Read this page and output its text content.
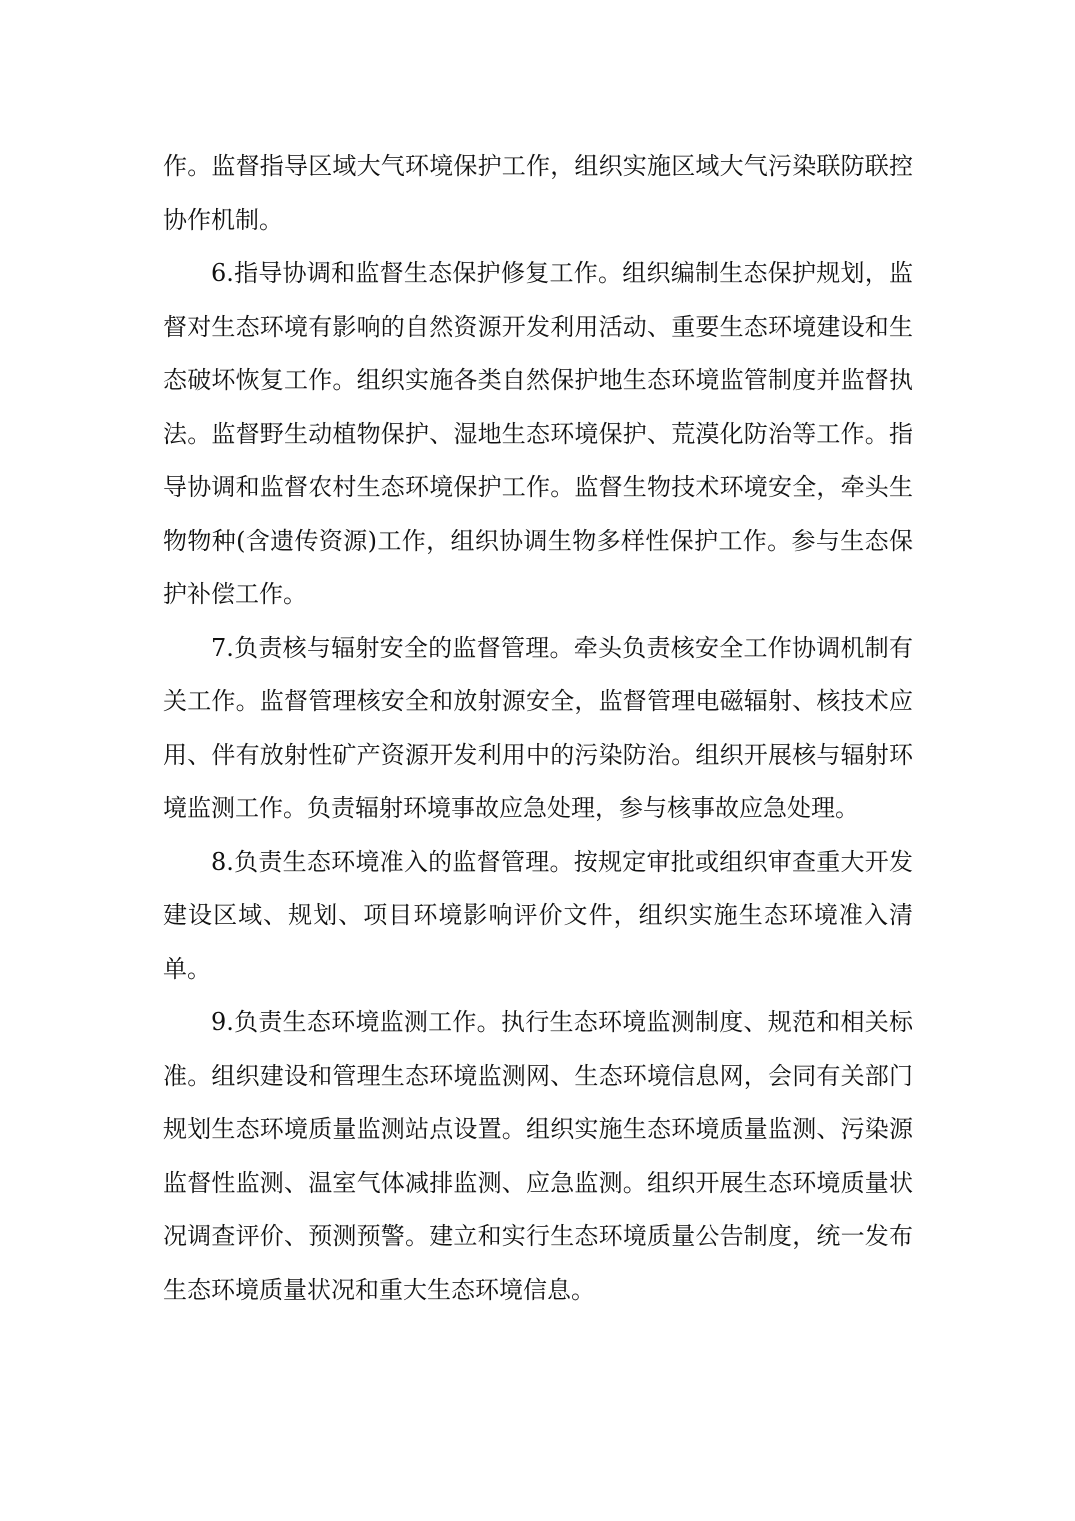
作。监督指导区域大气环境保护工作，组织实施区域大气污染联防联控协作机制。

6.指导协调和监督生态保护修复工作。组织编制生态保护规划，监督对生态环境有影响的自然资源开发利用活动、重要生态环境建设和生态破坏恢复工作。组织实施各类自然保护地生态环境监管制度并监督执法。监督野生动植物保护、湿地生态环境保护、荒漠化防治等工作。指导协调和监督农村生态环境保护工作。监督生物技术环境安全，牵头生物物种(含遗传资源)工作，组织协调生物多样性保护工作。参与生态保护补偿工作。

7.负责核与辐射安全的监督管理。牵头负责核安全工作协调机制有关工作。监督管理核安全和放射源安全，监督管理电磁辐射、核技术应用、伴有放射性矿产资源开发利用中的污染防治。组织开展核与辐射环境监测工作。负责辐射环境事故应急处理，参与核事故应急处理。

8.负责生态环境准入的监督管理。按规定审批或组织审查重大开发建设区域、规划、项目环境影响评价文件，组织实施生态环境准入清单。

9.负责生态环境监测工作。执行生态环境监测制度、规范和相关标准。组织建设和管理生态环境监测网、生态环境信息网，会同有关部门规划生态环境质量监测站点设置。组织实施生态环境质量监测、污染源监督性监测、温室气体减排监测、应急监测。组织开展生态环境质量状况调查评价、预测预警。建立和实行生态环境质量公告制度，统一发布生态环境质量状况和重大生态环境信息。
